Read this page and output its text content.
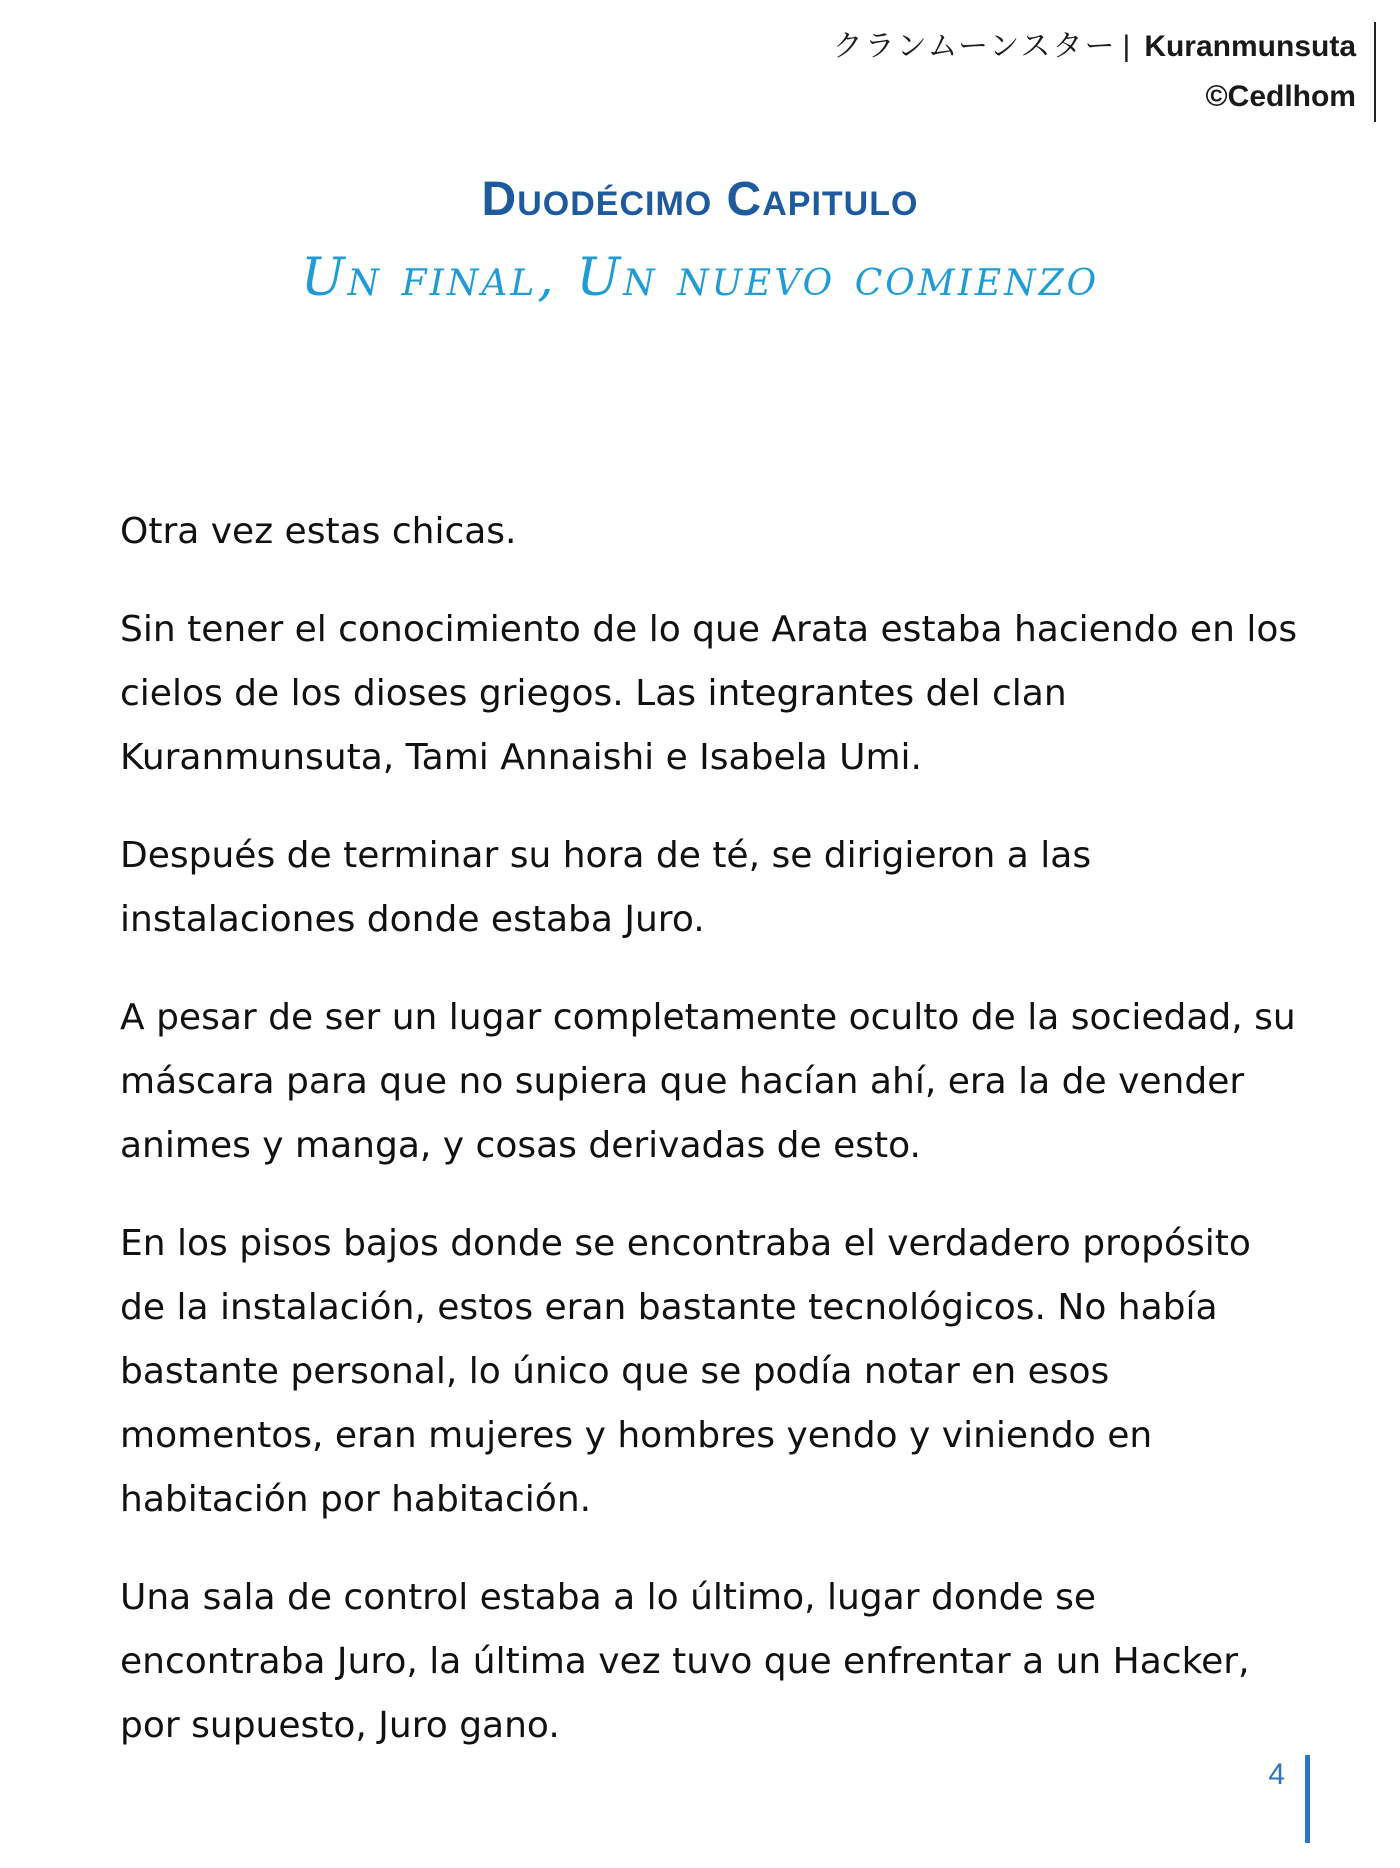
クランムーンスター | Kuranmunsuta
©Cedlhom
Duodécimo Capitulo
Un final, Un nuevo comienzo

Otra vez estas chicas.

Sin tener el conocimiento de lo que Arata estaba haciendo en los cielos de los dioses griegos. Las integrantes del clan Kuranmunsuta, Tami Annaishi e Isabela Umi.

Después de terminar su hora de té, se dirigieron a las instalaciones donde estaba Juro.

A pesar de ser un lugar completamente oculto de la sociedad, su máscara para que no supiera que hacían ahí, era la de vender animes y manga, y cosas derivadas de esto.

En los pisos bajos donde se encontraba el verdadero propósito de la instalación, estos eran bastante tecnológicos. No había bastante personal, lo único que se podía notar en esos momentos, eran mujeres y hombres yendo y viniendo en habitación por habitación.

Una sala de control estaba a lo último, lugar donde se encontraba Juro, la última vez tuvo que enfrentar a un Hacker, por supuesto, Juro gano.

4
